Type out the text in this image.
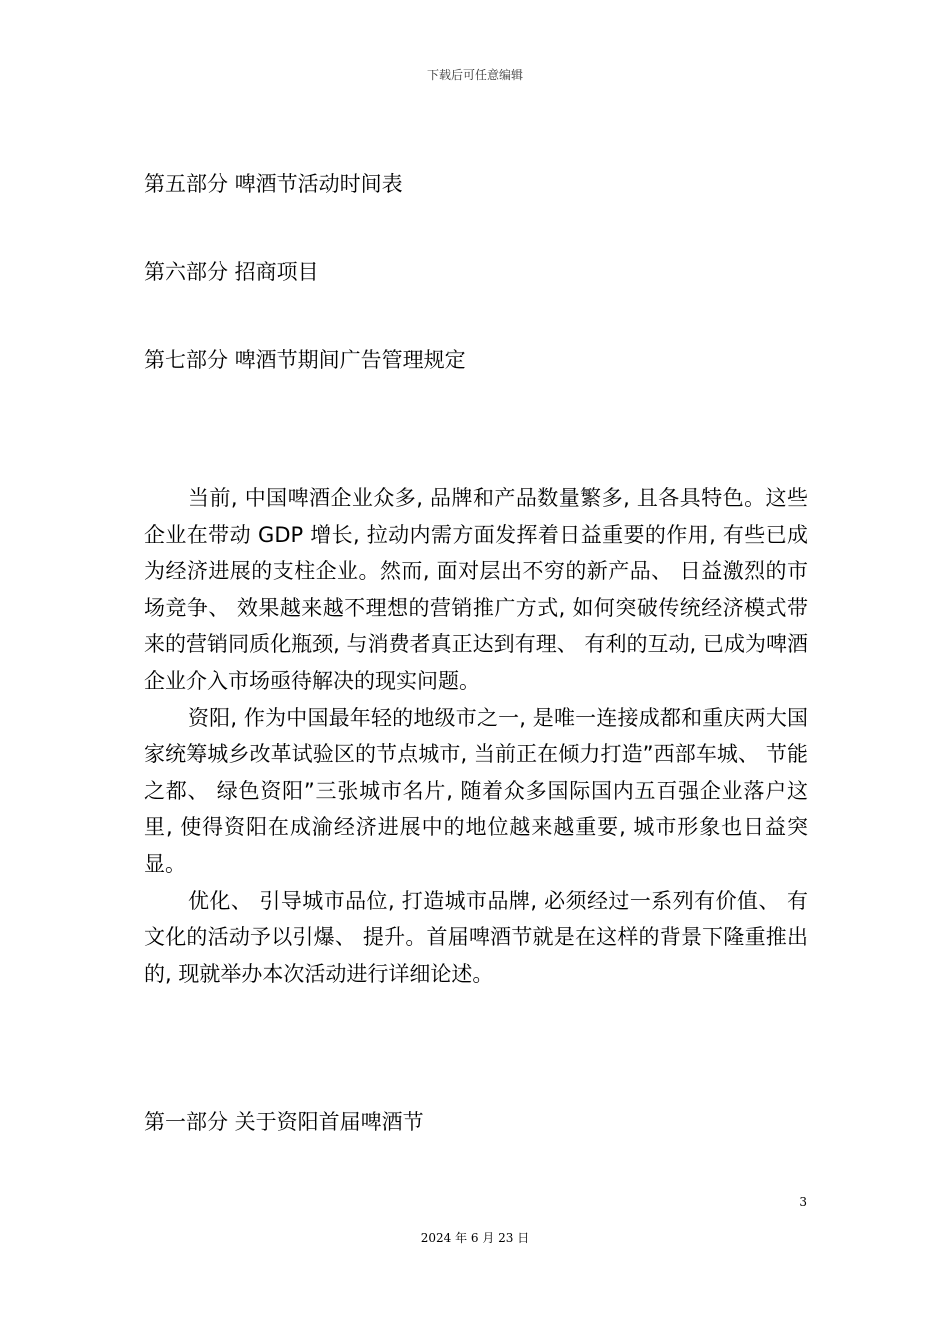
下载后可任意编辑
第五部分 啤酒节活动时间表
第六部分 招商项目
第七部分 啤酒节期间广告管理规定

当前, 中国啤酒企业众多, 品牌和产品数量繁多, 且各具特色。这些企业在带动 GDP 增长, 拉动内需方面发挥着日益重要的作用, 有些已成为经济进展的支柱企业。然而, 面对层出不穷的新产品、 日益激烈的市场竞争、 效果越来越不理想的营销推广方式, 如何突破传统经济模式带来的营销同质化瓶颈, 与消费者真正达到有理、 有利的互动, 已成为啤酒企业介入市场亟待解决的现实问题。

资阳, 作为中国最年轻的地级市之一, 是唯一连接成都和重庆两大国家统筹城乡改革试验区的节点城市, 当前正在倾力打造”西部车城、 节能之都、 绿色资阳”三张城市名片, 随着众多国际国内五百强企业落户这里, 使得资阳在成渝经济进展中的地位越来越重要, 城市形象也日益突显。

优化、 引导城市品位, 打造城市品牌, 必须经过一系列有价值、 有文化的活动予以引爆、 提升。首届啤酒节就是在这样的背景下隆重推出的, 现就举办本次活动进行详细论述。

第一部分 关于资阳首届啤酒节
3
2024 年 6 月 23 日
